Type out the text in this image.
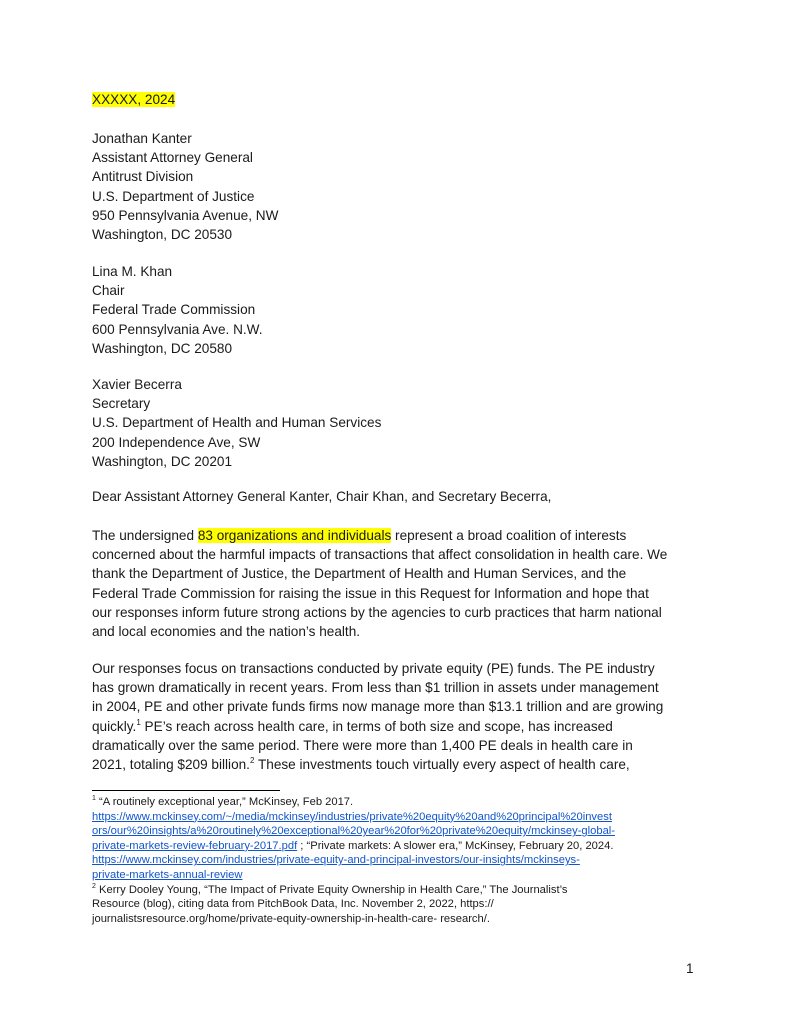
XXXXX, 2024
Jonathan Kanter
Assistant Attorney General
Antitrust Division
U.S. Department of Justice
950 Pennsylvania Avenue, NW
Washington, DC 20530
Lina M. Khan
Chair
Federal Trade Commission
600 Pennsylvania Ave. N.W.
Washington, DC 20580
Xavier Becerra
Secretary
U.S. Department of Health and Human Services
200 Independence Ave, SW
Washington, DC 20201
Dear Assistant Attorney General Kanter, Chair Khan, and Secretary Becerra,
The undersigned 83 organizations and individuals represent a broad coalition of interests
concerned about the harmful impacts of transactions that affect consolidation in health care. We
thank the Department of Justice, the Department of Health and Human Services, and the
Federal Trade Commission for raising the issue in this Request for Information and hope that
our responses inform future strong actions by the agencies to curb practices that harm national
and local economies and the nation’s health.
Our responses focus on transactions conducted by private equity (PE) funds. The PE industry
has grown dramatically in recent years. From less than $1 trillion in assets under management
in 2004, PE and other private funds firms now manage more than $13.1 trillion and are growing
quickly.$^1$ PE’s reach across health care, in terms of both size and scope, has increased
dramatically over the same period. There were more than 1,400 PE deals in health care in
2021, totaling $209 billion.$^2$ These investments touch virtually every aspect of health care,
$^1$ “A routinely exceptional year,” McKinsey, Feb 2017.
https://www.mckinsey.com/~/media/mckinsey/industries/private%20equity%20and%20principal%20invest
ors/our%20insights/a%20routinely%20exceptional%20year%20for%20private%20equity/mckinsey-global-
private-markets-review-february-2017.pdf ; “Private markets: A slower era,” McKinsey, February 20, 2024.
https://www.mckinsey.com/industries/private-equity-and-principal-investors/our-insights/mckinseys-
private-markets-annual-review
$^2$ Kerry Dooley Young, “The Impact of Private Equity Ownership in Health Care,” The Journalist’s
Resource (blog), citing data from PitchBook Data, Inc. November 2, 2022, https://
journalistsresource.org/home/private-equity-ownership-in-health-care- research/.
1
